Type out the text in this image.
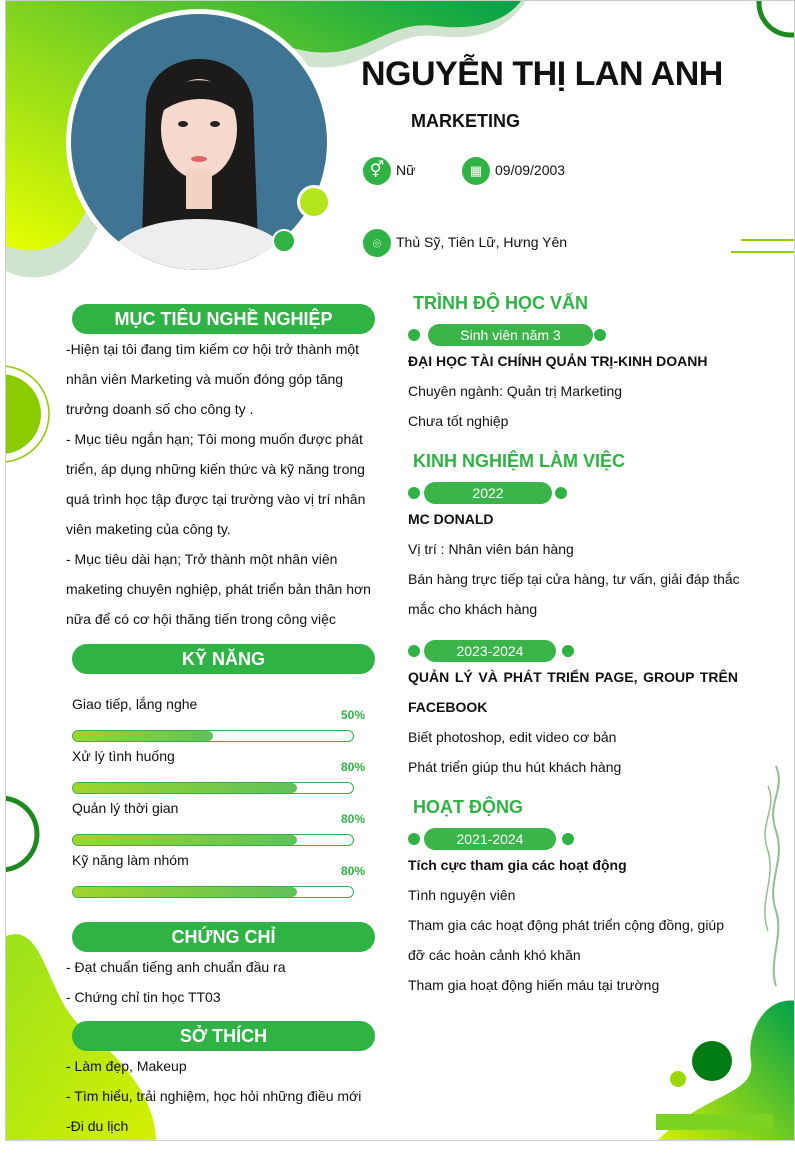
NGUYỄN THỊ LAN ANH
MARKETING
⚥ Nữ	▦ 09/09/2003
⌾	Thủ Sỹ, Tiên Lữ, Hưng Yên
MỤC TIÊU NGHỀ NGHIỆP
-Hiện tại tôi đang tìm kiếm cơ hội trở thành một
nhân viên Marketing và muốn đóng góp tăng
trưởng doanh số cho công ty .
- Mục tiêu ngắn hạn; Tôi mong muốn được phát
triển, áp dụng những kiến thức và kỹ năng trong
quá trình học tập được tại trường vào vị trí nhân
viên maketing của công ty.
- Mục tiêu dài hạn; Trở thành một nhân viên
maketing chuyên nghiệp, phát triển bản thân hơn
nữa để có cơ hội thăng tiến trong công việc
KỸ NĂNG
Giao tiếp, lắng nghe
50%
Xử lý tình huống
80%
Quản lý thời gian
80%
Kỹ năng làm nhóm
80%
CHỨNG CHỈ
- Đạt chuẩn tiếng anh chuẩn đầu ra
- Chứng chỉ tin học TT03
SỞ THÍCH
- Làm đẹp, Makeup
- Tìm hiểu, trải nghiệm, học hỏi những điều mới
-Đi du lịch
TRÌNH ĐỘ HỌC VẤN
Sinh viên năm 3
ĐẠI HỌC TÀI CHÍNH QUẢN TRỊ-KINH DOANH
Chuyên ngành: Quản trị Marketing
Chưa tốt nghiệp
KINH NGHIỆM LÀM VIỆC
2022
MC DONALD
Vị trí : Nhân viên bán hàng
Bán hàng trực tiếp tại cửa hàng, tư vấn, giải đáp thắc
mắc cho khách hàng
2023-2024
QUẢN LÝ VÀ PHÁT TRIỂN PAGE, GROUP TRÊN
FACEBOOK
Biết photoshop, edit video cơ bản
Phát triển giúp thu hút khách hàng
HOẠT ĐỘNG
2021-2024
Tích cực tham gia các hoạt động
Tình nguyện viên
Tham gia các hoạt động phát triển cộng đồng, giúp
đỡ các hoàn cảnh khó khăn
Tham gia hoạt động hiến máu tại trường
